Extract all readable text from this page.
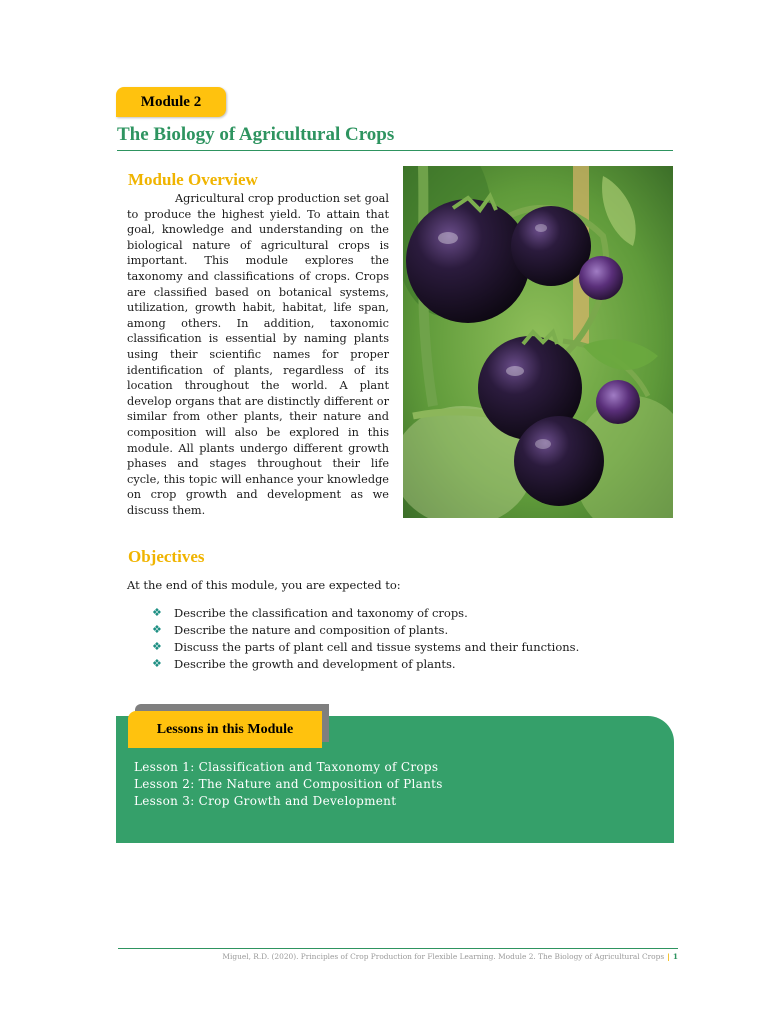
Module 2
The Biology of Agricultural Crops
Module Overview

Agricultural crop production set goal to produce the highest yield. To attain that goal, knowledge and understanding on the biological nature of agricultural crops is important. This module explores the taxonomy and classifications of crops. Crops are classified based on botanical systems, utilization, growth habit, habitat, life span, among others. In addition, taxonomic classification is essential by naming plants using their scientific names for proper identification of plants, regardless of its location throughout the world. A plant develop organs that are distinctly different or similar from other plants, their nature and composition will also be explored in this module. All plants undergo different growth phases and stages throughout their life cycle, this topic will enhance your knowledge on crop growth and development as we discuss them.

Objectives

At the end of this module, you are expected to:

❖	Describe the classification and taxonomy of crops.
❖	Describe the nature and composition of plants.
❖	Discuss the parts of plant cell and tissue systems and their functions.
❖	Describe the growth and development of plants.
Lessons in this Module
Lesson 1: Classification and Taxonomy of Crops
Lesson 2: The Nature and Composition of Plants
Lesson 3: Crop Growth and Development
Miguel, R.D. (2020). Principles of Crop Production for Flexible Learning. Module 2. The Biology of Agricultural Crops | 1
